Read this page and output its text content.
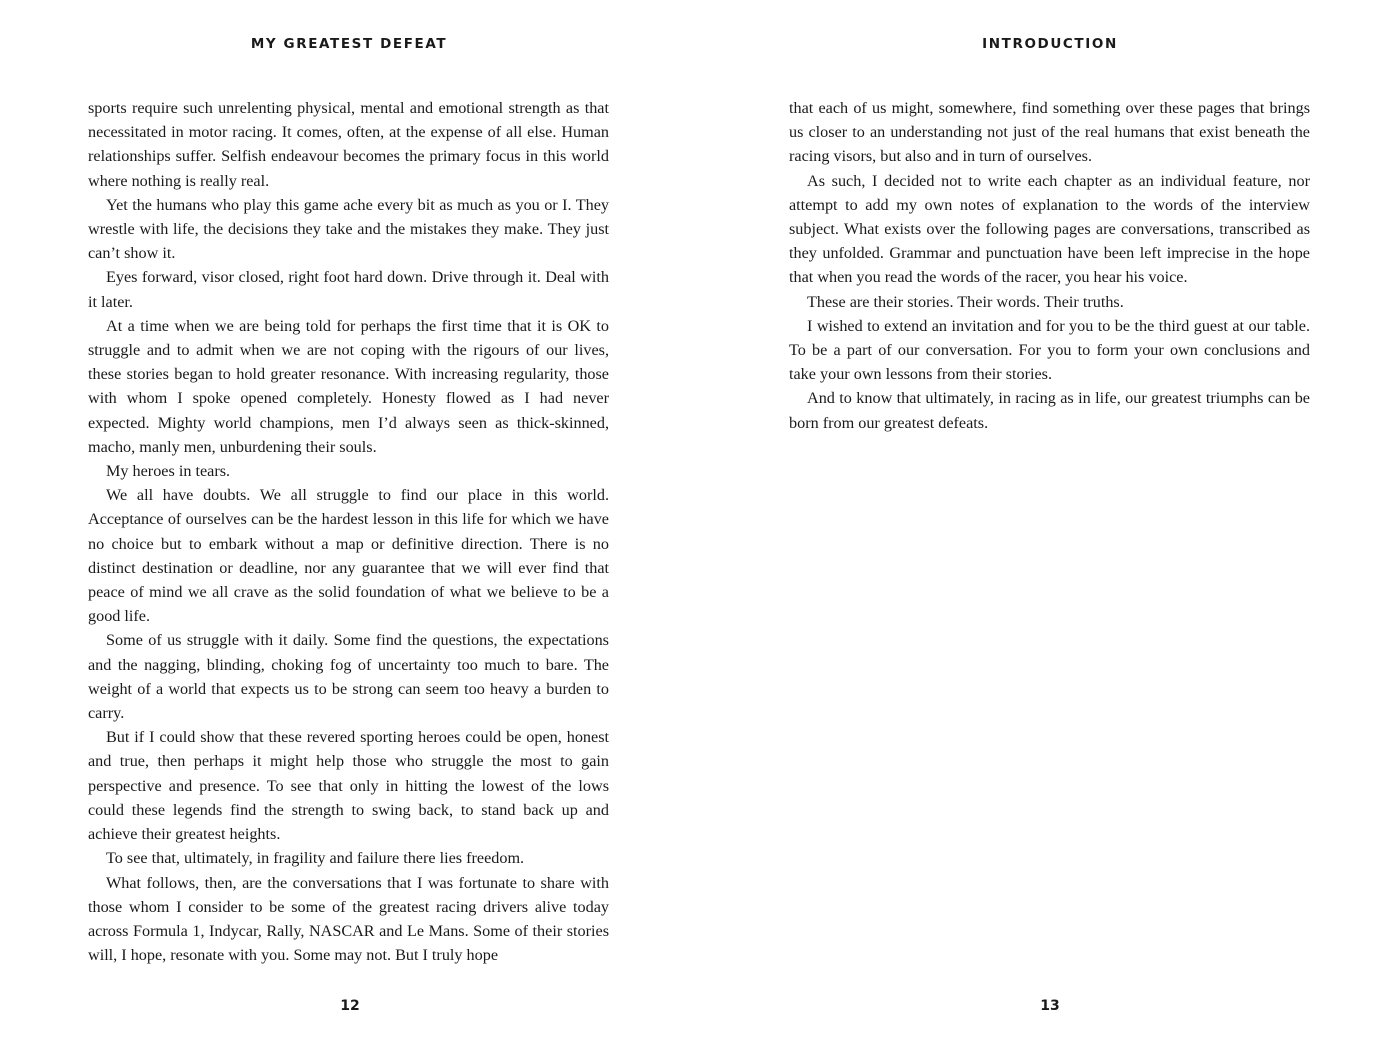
MY GREATEST DEFEAT

sports require such unrelenting physical, mental and emotional strength as that necessitated in motor racing. It comes, often, at the expense of all else. Human relationships suffer. Selfish endeavour becomes the primary focus in this world where nothing is really real.

Yet the humans who play this game ache every bit as much as you or I. They wrestle with life, the decisions they take and the mistakes they make. They just can’t show it.

Eyes forward, visor closed, right foot hard down. Drive through it. Deal with it later.

At a time when we are being told for perhaps the first time that it is OK to struggle and to admit when we are not coping with the rigours of our lives, these stories began to hold greater resonance. With increasing regularity, those with whom I spoke opened completely. Honesty flowed as I had never expected. Mighty world champions, men I’d always seen as thick-skinned, macho, manly men, unburdening their souls.

My heroes in tears.

We all have doubts. We all struggle to find our place in this world. Acceptance of ourselves can be the hardest lesson in this life for which we have no choice but to embark without a map or definitive direction. There is no distinct destination or deadline, nor any guarantee that we will ever find that peace of mind we all crave as the solid foundation of what we believe to be a good life.

Some of us struggle with it daily. Some find the questions, the expectations and the nagging, blinding, choking fog of uncertainty too much to bare. The weight of a world that expects us to be strong can seem too heavy a burden to carry.

But if I could show that these revered sporting heroes could be open, honest and true, then perhaps it might help those who struggle the most to gain perspective and presence. To see that only in hitting the lowest of the lows could these legends find the strength to swing back, to stand back up and achieve their greatest heights.

To see that, ultimately, in fragility and failure there lies freedom.

What follows, then, are the conversations that I was fortunate to share with those whom I consider to be some of the greatest racing drivers alive today across Formula 1, Indycar, Rally, NASCAR and Le Mans. Some of their stories will, I hope, resonate with you. Some may not. But I truly hope

12
INTRODUCTION

that each of us might, somewhere, find something over these pages that brings us closer to an understanding not just of the real humans that exist beneath the racing visors, but also and in turn of ourselves.

As such, I decided not to write each chapter as an individual feature, nor attempt to add my own notes of explanation to the words of the interview subject. What exists over the following pages are conversations, transcribed as they unfolded. Grammar and punctuation have been left imprecise in the hope that when you read the words of the racer, you hear his voice.

These are their stories. Their words. Their truths.

I wished to extend an invitation and for you to be the third guest at our table. To be a part of our conversation. For you to form your own conclusions and take your own lessons from their stories.

And to know that ultimately, in racing as in life, our greatest triumphs can be born from our greatest defeats.

13
